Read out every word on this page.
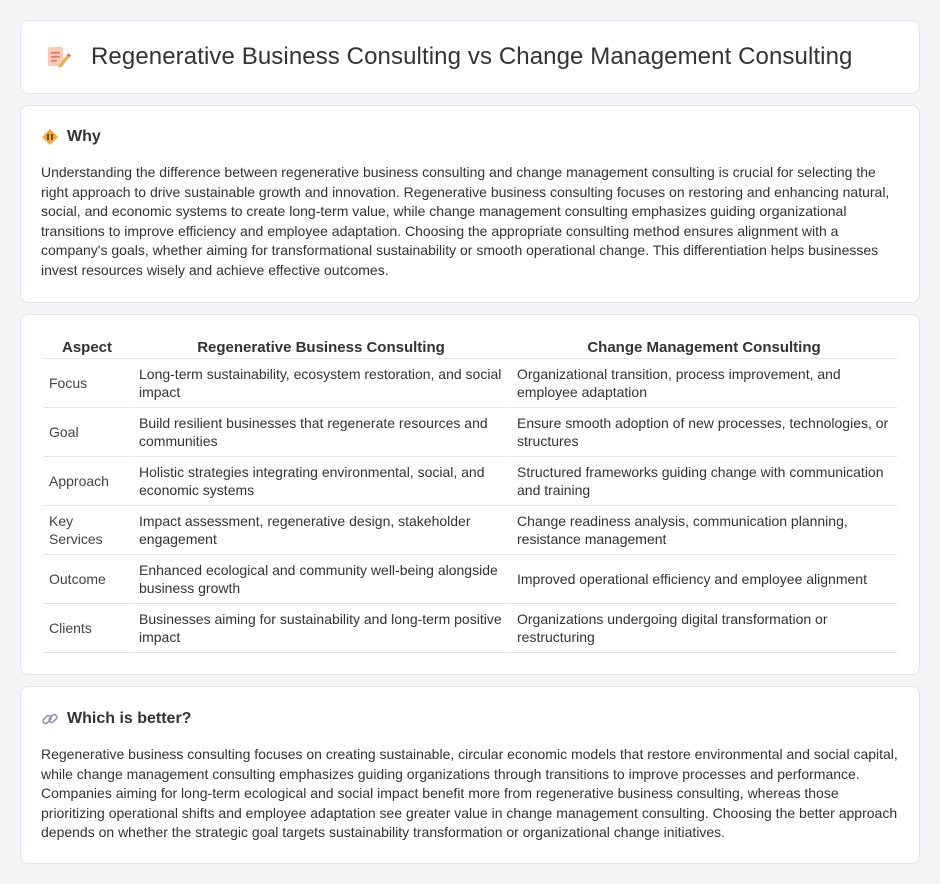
Regenerative Business Consulting vs Change Management Consulting
Why

Understanding the difference between regenerative business consulting and change management consulting is crucial for selecting the right approach to drive sustainable growth and innovation. Regenerative business consulting focuses on restoring and enhancing natural, social, and economic systems to create long-term value, while change management consulting emphasizes guiding organizational transitions to improve efficiency and employee adaptation. Choosing the appropriate consulting method ensures alignment with a company's goals, whether aiming for transformational sustainability or smooth operational change. This differentiation helps businesses invest resources wisely and achieve effective outcomes.

Aspect	Regenerative Business Consulting	Change Management Consulting
Focus	Long-term sustainability, ecosystem restoration, and social impact	Organizational transition, process improvement, and employee adaptation
Goal	Build resilient businesses that regenerate resources and communities	Ensure smooth adoption of new processes, technologies, or structures
Approach	Holistic strategies integrating environmental, social, and economic systems	Structured frameworks guiding change with communication and training
Key Services	Impact assessment, regenerative design, stakeholder engagement	Change readiness analysis, communication planning, resistance management
Outcome	Enhanced ecological and community well-being alongside business growth	Improved operational efficiency and employee alignment
Clients	Businesses aiming for sustainability and long-term positive impact	Organizations undergoing digital transformation or restructuring
Which is better?

Regenerative business consulting focuses on creating sustainable, circular economic models that restore environmental and social capital, while change management consulting emphasizes guiding organizations through transitions to improve processes and performance. Companies aiming for long-term ecological and social impact benefit more from regenerative business consulting, whereas those prioritizing operational shifts and employee adaptation see greater value in change management consulting. Choosing the better approach depends on whether the strategic goal targets sustainability transformation or organizational change initiatives.
